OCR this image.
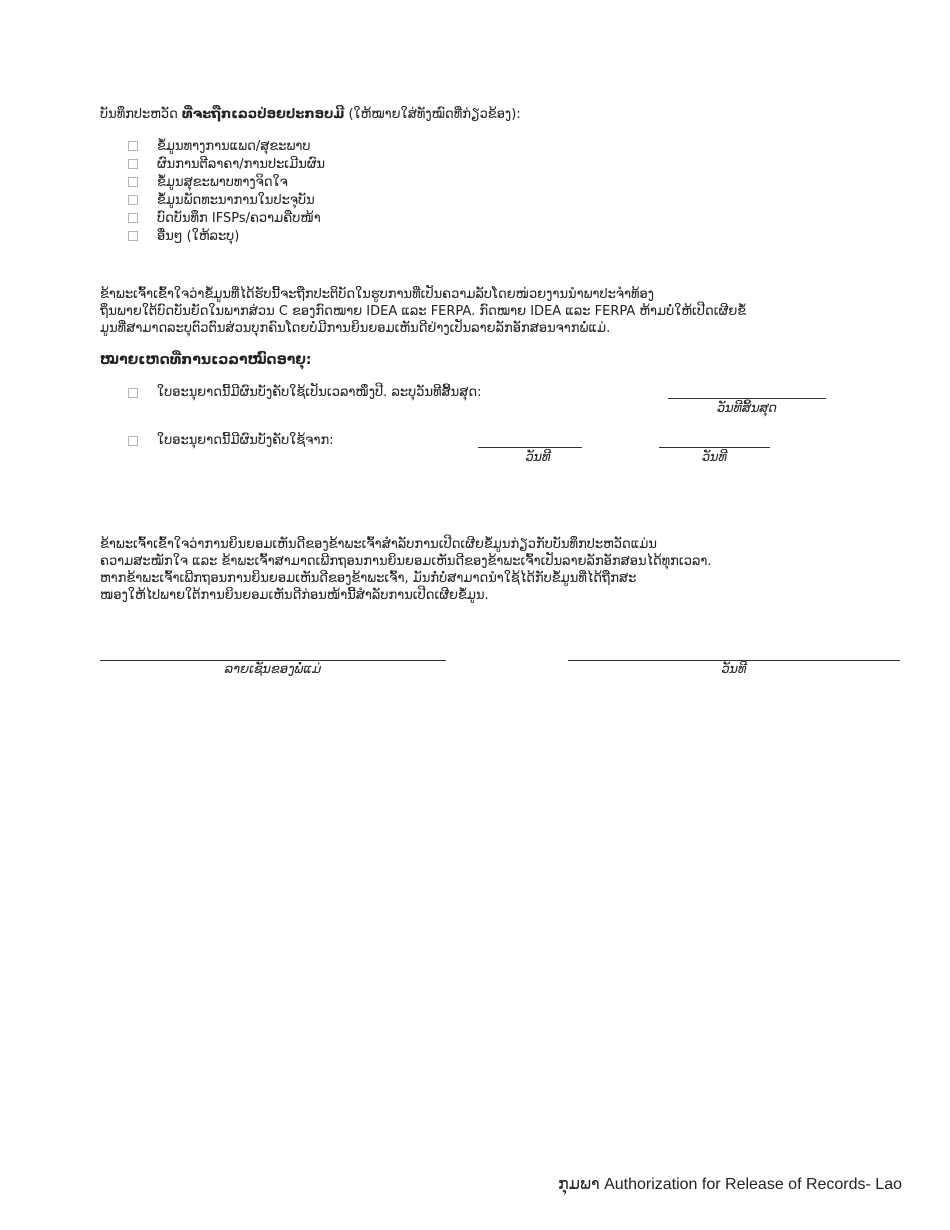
ບັນທຶກປະຫວັດ ທີ່ຈະຖືກເລວປ່ອຍປະກອບມີ (ໃຫ້ໝາຍໃສ່ທັງໝົດທີ່ກ່ຽວຂ້ອງ):
ຂໍ້ມູນທາງການແພດ/ສຸຂະພາບ
ຜົນການຕີລາຄາ/ການປະເມີນຜົນ
ຂໍ້ມູນສຸຂະພາບທາງຈິດໃຈ
ຂໍ້ມູນພັດທະນາການໃນປະຈຸບັນ
ບົດບັນທຶກ IFSPs/ຄວາມຄືບໜ້າ
ອື່ນໆ (ໃຫ້ລະບຸ)
ຂ້າພະເຈົ້າເຂົ້າໃຈວ່າຂໍ້ມູນທີ່ໄດ້ຮັບນີ້ຈະຖືກປະຕິບັດໃນຮູບການທີ່ເປັນຄວາມລັບໂດຍໜ່ວຍງານນຳພາປະຈຳທ້ອງ
ຖິ່ນພາຍໃຕ້ບົດບັນຍັດໃນພາກສ່ວນ C ຂອງກົດໝາຍ IDEA ແລະ FERPA. ກົດໝາຍ IDEA ແລະ FERPA ຫ້າມບໍ່ໃຫ້ເປີດເຜີຍຂໍ້
ມູນທີ່ສາມາດລະບຸຕົວຕົນສ່ວນບຸກຄົນໂດຍບໍ່ມີການຍິນຍອມເຫັນດີຢ່າງເປັນລາຍລັກອັກສອນຈາກພໍ່ແມ່.
ໝາຍເຫດທີ່ການເວລາໝົດອາຍຸ:
ໃບອະນຸຍາດນີ້ມີຜົນບັງຄັບໃຊ້ເປັນເວລາໜຶ່ງປີ. ລະບຸວັນທີສິ້ນສຸດ:
ວັນທີສິ້ນສຸດ
ໃບອະນຸຍາດນີ້ມີຜົນບັງຄັບໃຊ້ຈາກ:
ວັນທີ	ວັນທີ
ຂ້າພະເຈົ້າເຂົ້າໃຈວ່າການຍິນຍອມເຫັນດີຂອງຂ້າພະເຈົ້າສຳລັບການເປີດເຜີຍຂໍ້ມູນກ່ຽວກັບບັນທຶກປະຫວັດແມ່ນ
ຄວາມສະໝັກໃຈ ແລະ ຂ້າພະເຈົ້າສາມາດເພີກຖອນການຍິນຍອມເຫັນດີຂອງຂ້າພະເຈົ້າເປັນລາຍລັກອັກສອນໄດ້ທຸກເວລາ.
ຫາກຂ້າພະເຈົ້າເພີກຖອນການຍິນຍອມເຫັນດີຂອງຂ້າພະເຈົ້າ, ມັນກໍ່ບໍ່ສາມາດນຳໃຊ້ໄດ້ກັບຂໍ້ມູນທີ່ໄດ້ຖືກສະ
ໜອງໃຫ້ໄປພາຍໃຕ້ການຍິນຍອມເຫັນດີກ່ອນໜ້ານີ້ສຳລັບການເປີດເຜີຍຂໍ້ມູນ.
ລາຍເຊັນຂອງພໍ່ແມ່	ວັນທີ
ກຸມພາ Authorization for Release of Records- Lao
